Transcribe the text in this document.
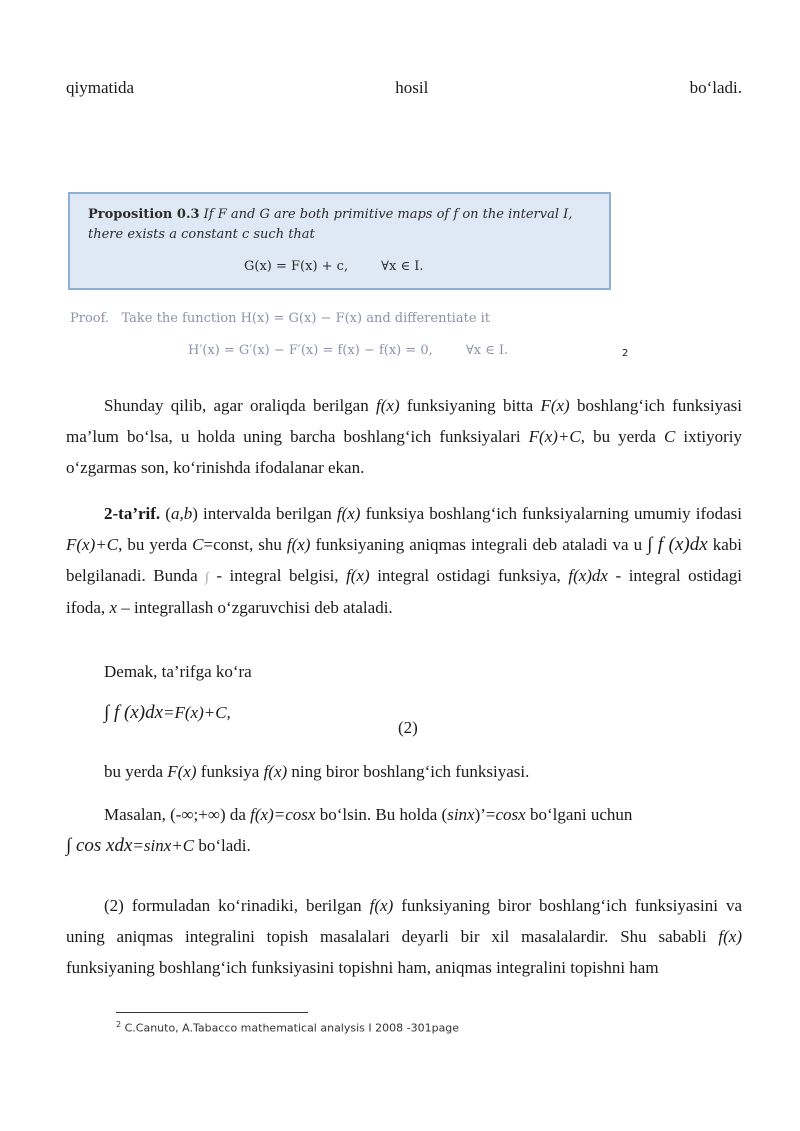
qiymatida	hosil	bo‘ladi.
Proposition 0.3 If F and G are both primitive maps of f on the interval I,
there exists a constant c such that
G(x) = F(x) + c,        ∀x ∈ I.
Proof.   Take the function H(x) = G(x) − F(x) and differentiate it
H′(x) = G′(x) − F′(x) = f(x) − f(x) = 0,        ∀x ∈ I.	2
Shunday qilib, agar oraliqda berilgan f(x) funksiyaning bitta F(x) boshlang‘ich funksiyasi ma’lum bo‘lsa, u holda uning barcha boshlang‘ich funksiyalari F(x)+C, bu yerda C ixtiyoriy o‘zgarmas son, ko‘rinishda ifodalanar ekan.
2-ta’rif. (a,b) intervalda berilgan f(x) funksiya boshlang‘ich funksiyalarning umumiy ifodasi F(x)+C, bu yerda C=const, shu f(x) funksiyaning aniqmas integrali deb ataladi va u ∫ f (x)dx kabi belgilanadi. Bunda ∫ - integral belgisi, f(x) integral ostidagi funksiya, f(x)dx - integral ostidagi ifoda, x – integrallash o‘zgaruvchisi deb ataladi.
Demak, ta’rifga ko‘ra
∫ f (x)dx=F(x)+C,
(2)
bu yerda F(x) funksiya f(x) ning biror boshlang‘ich funksiyasi.
Masalan, (-∞;+∞) da f(x)=cosx bo‘lsin. Bu holda (sinx)’=cosx bo‘lgani uchun
∫ cos xdx=sinx+C bo‘ladi.
(2) formuladan ko‘rinadiki, berilgan f(x) funksiyaning biror boshlang‘ich funksiyasini va uning aniqmas integralini topish masalalari deyarli bir xil masalalardir. Shu sababli f(x) funksiyaning boshlang‘ich funksiyasini topishni ham, aniqmas integralini topishni ham
$^2$ C.Canuto, A.Tabacco mathematical analysis I 2008 -301page
